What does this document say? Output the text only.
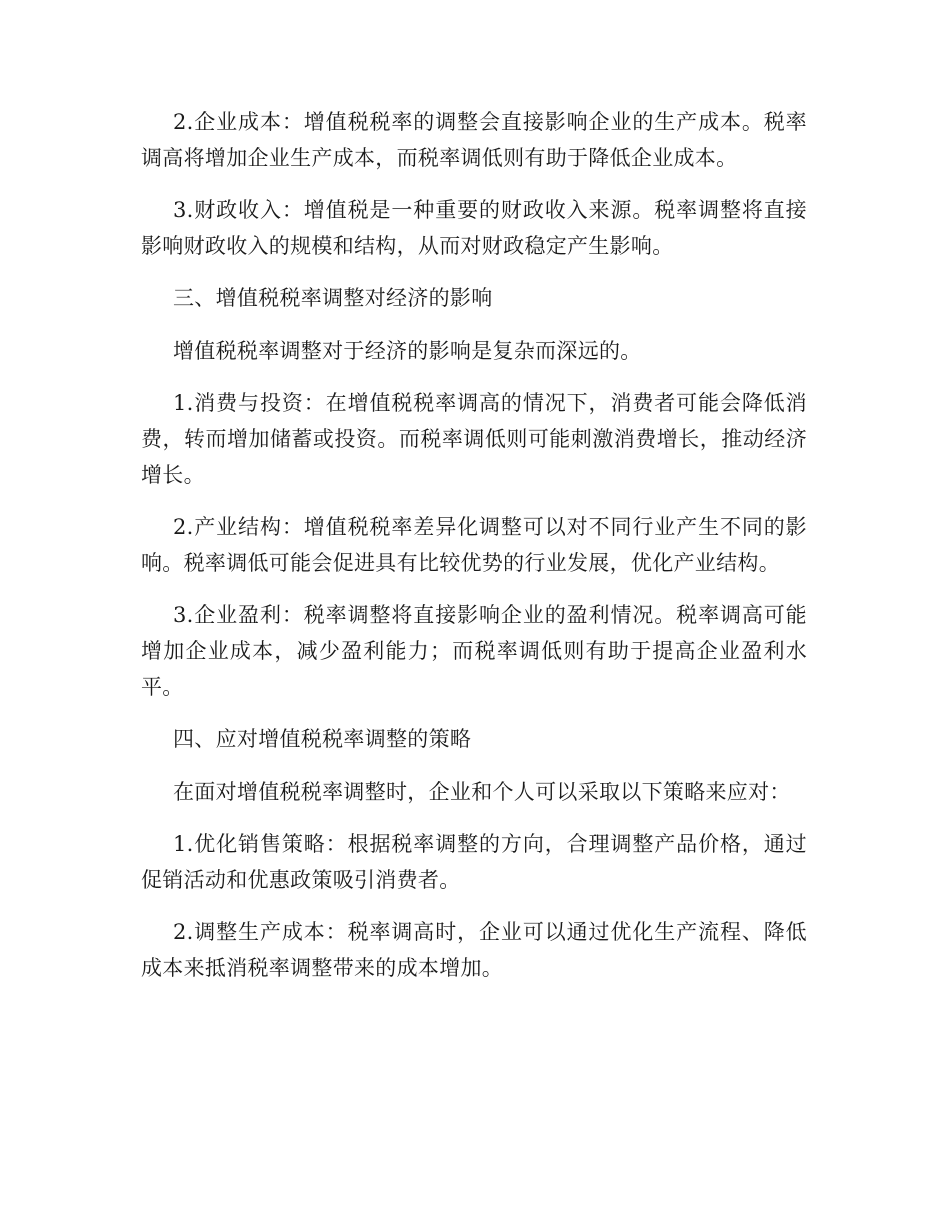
2.企业成本：增值税税率的调整会直接影响企业的生产成本。税率调高将增加企业生产成本，而税率调低则有助于降低企业成本。

3.财政收入：增值税是一种重要的财政收入来源。税率调整将直接影响财政收入的规模和结构，从而对财政稳定产生影响。

三、增值税税率调整对经济的影响

增值税税率调整对于经济的影响是复杂而深远的。

1.消费与投资：在增值税税率调高的情况下，消费者可能会降低消费，转而增加储蓄或投资。而税率调低则可能刺激消费增长，推动经济增长。

2.产业结构：增值税税率差异化调整可以对不同行业产生不同的影响。税率调低可能会促进具有比较优势的行业发展，优化产业结构。

3.企业盈利：税率调整将直接影响企业的盈利情况。税率调高可能增加企业成本，减少盈利能力；而税率调低则有助于提高企业盈利水平。

四、应对增值税税率调整的策略

在面对增值税税率调整时，企业和个人可以采取以下策略来应对：

1.优化销售策略：根据税率调整的方向，合理调整产品价格，通过促销活动和优惠政策吸引消费者。

2.调整生产成本：税率调高时，企业可以通过优化生产流程、降低成本来抵消税率调整带来的成本增加。
